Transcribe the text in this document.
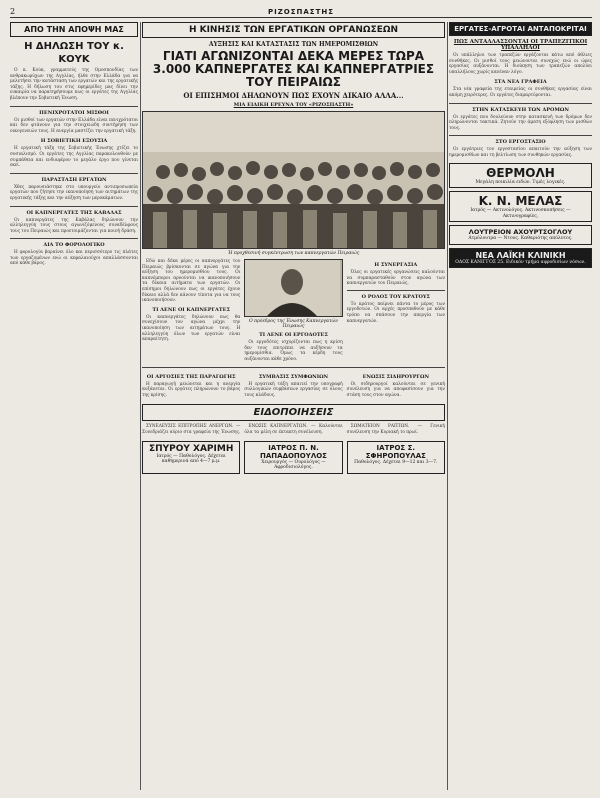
2	ΡΙΖΟΣΠΑΣΤΗΣ
ΑΠΟ ΤΗΝ ΑΠΟΨΗ ΜΑΣ
Η ΔΗΛΩΣΗ ΤΟΥ κ. ΚΟΥΚ

Ο κ. Κούκ, γραμματεύς της Ομοσπονδίας των ανθρακωρύχων της Αγγλίας, ήλθε στην Ελλάδα για να μελετήσει την κατάσταση των εργατών και της εργατικής τάξης. Η δήλωση του στις εφημερίδες μας δίνει την ευκαιρία να παρατηρήσουμε πως οι εργάτες της Αγγλίας βλέπουν την Σοβιετική Ένωση.

ΠΕΝΙΧΡΟΤΑΤΟΙ ΜΙΣΘΟΙ

Οι μισθοί των εργατών στην Ελλάδα είναι πενιχρότατοι και δεν φτάνουν για την στοιχειώδη συντήρηση των οικογενειών τους. Η ανεργία μαστίζει την εργατική τάξη.

Η ΣΟΒΙΕΤΙΚΗ ΕΞΟΥΣΙΑ

Η εργατική τάξη της Σοβιετικής Ένωσης χτίζει το σοσιαλισμό. Οι εργάτες της Αγγλίας παρακολουθούν με συμπάθεια και ενδιαφέρον το μεγάλο έργο που γίνεται εκεί.

ΠΑΡΑΣΤΑΣΗ ΕΡΓΑΤΩΝ

Χθες παρουσιάστηκε στο υπουργείο αντιπροσωπεία εργατών που ζήτησε την ικανοποίηση των αιτημάτων της εργατικής τάξης και την αύξηση των μεροκάματων.

ΟΙ ΚΑΠΝΕΡΓΑΤΕΣ ΤΗΣ ΚΑΒΑΛΑΣ

Οι καπνεργάτες της Καβάλας δηλώνουν την αλληλεγγύη τους στους αγωνιζόμενους συναδέλφους τους του Πειραιώς και προετοιμάζονται για κοινή δράση.

ΔΙΑ ΤΟ ΦΟΡΟΛΟΓΙΚΟ

Η φορολογία βαραίνει όλο και περισσότερο τις πλάτες των εργαζομένων ενώ οι κεφαλαιούχοι απαλλάσσονται από κάθε βάρος.

Η ΚΙΝΗΣΙΣ ΤΩΝ ΕΡΓΑΤΙΚΩΝ ΟΡΓΑΝΩΣΕΩΝ
ΑΥΞΗΣΙΣ ΚΑΙ ΚΑΤΑΣΤΑΣΙΣ ΤΩΝ ΗΜΕΡΟΜΙΣΘΙΩΝ
ΓΙΑΤΙ ΑΓΩΝΙΖΟΝΤΑΙ ΔΕΚΑ ΜΕΡΕΣ ΤΩΡΑ 3.000 ΚΑΠΝΕΡΓΑΤΕΣ ΚΑΙ ΚΑΠΝΕΡΓΑΤΡΙΕΣ ΤΟΥ ΠΕΙΡΑΙΩΣ
ΟΙ ΕΠΙΣΗΜΟΙ ΔΗΛΩΝΟΥΝ ΠΩΣ ΕΧΟΥΝ ΔΙΚΑΙΟ ΑΛΛΑ...
ΜΙΑ ΕΙΔΙΚΗ ΕΡΕΥΝΑ ΤΟΥ «ΡΙΖΟΣΠΑΣΤΗ»
Ή προχθεσινή συγκέντρωση των καπνεργατών Πειραιώς

Εδώ και δέκα μέρες οι καπνεργάτες του Πειραιώς βρίσκονται σε αγώνα για την αύξηση του ημερομισθίου τους. Οι καπνέμποροι αρνούνται να ικανοποιήσουν τα δίκαια αιτήματα των εργατών. Οι επίσημοι δηλώνουν πως οι εργάτες έχουν δίκαιο αλλά δεν κάνουν τίποτα για να τους ικανοποιήσουν.

ΤΙ ΛΕΝΕ ΟΙ ΚΑΠΝΕΡΓΑΤΕΣ

Οι καπνεργάτες δηλώνουν πως θα συνεχίσουν τον αγώνα μέχρι την ικανοποίηση των αιτημάτων τους. Η αλληλεγγύη όλων των εργατών είναι απαραίτητη.

Ο πρόεδρος της Ένωσης Καπνεργατών Πειραιώς
ΤΙ ΛΕΝΕ ΟΙ ΕΡΓΟΔΟΤΕΣ

Οι εργοδότες ισχυρίζονται πως η κρίση δεν τους επιτρέπει να αυξήσουν τα ημερομίσθια. Όμως τα κέρδη τους αυξάνονται κάθε χρόνο.

Η ΣΥΝΕΡΓΑΣΙΑ

Όλες οι εργατικές οργανώσεις καλούνται να συμπαρασταθούν στον αγώνα των καπνεργατών του Πειραιώς.

Ο ΡΟΛΟΣ ΤΟΥ ΚΡΑΤΟΥΣ

Το κράτος παίρνει πάντα το μέρος των εργοδοτών. Οι αρχές προσπαθούν με κάθε τρόπο να σπάσουν την απεργία των καπνεργατών.

ΟΙ ΑΡΓΟΣΙΕΣ ΤΗΣ ΠΑΡΑΓΩΓΗΣ

Η παραγωγή μειώνεται και η ανεργία αυξάνεται. Οι εργάτες πληρώνουν το βάρος της κρίσης.

ΣΥΜΒΑΣΙΣ ΣΥΜΦΩΝΙΩΝ

Η εργατική τάξη απαιτεί την υπογραφή συλλογικών συμβάσεων εργασίας σε όλους τους κλάδους.

ΕΝΩΣΙΣ ΣΙΔΗΡΟΥΡΓΩΝ

Οι σιδηρουργοί καλούνται σε γενική συνέλευση για να αποφασίσουν για την στάση τους στον αγώνα.

ΕΙΔΟΠΟΙΗΣΕΙΣ

ΣΥΝΕΛΕΥΣΙΣ ΕΠΙΤΡΟΠΗΣ ΑΝΕΡΓΩΝ. — Συνεδριάζει αύριο στα γραφεία της Ένωσης.

ΕΝΩΣΙΣ ΚΑΠΝΕΡΓΑΤΩΝ. — Καλούνται όλα τα μέλη σε έκτακτη συνέλευση.

ΣΩΜΑΤΕΙΟΝ ΡΑΠΤΩΝ. — Γενική συνέλευση την Κυριακή το πρωί.

ΣΠΥΡΟΥ ΧΑΡΙΜΗ
Ιατρός — Παθολόγος. Δέχεται καθημερινά από 4—7 μ.μ.
ΙΑΤΡΟΣ Π. Ν. ΠΑΠΑΔΟΠΟΥΛΟΣ
Χειρουργός — Ουρολόγος — Αφροδισιολόγος.
ΙΑΤΡΟΣ Σ. ΣΦΗΡΟΠΟΥΛΑΣ
Παθολόγος. Δέχεται 9—12 και 3—7.
ΕΡΓΑΤΕΣ-ΑΓΡΟΤΑΙ ΑΝΤΑΠΟΚΡΙΤΑΙ
ΠΩΣ ΑΝΤΑΛΛΑΣΣΟΝΤΑΙ ΟΙ ΤΡΑΠΕΖΙΤΙΚΟΙ ΥΠΑΛΛΗΛΟΙ

Οι υπάλληλοι των τραπεζών εργάζονται κάτω από άθλιες συνθήκες. Οι μισθοί τους μειώνονται συνεχώς ενώ οι ώρες εργασίας αυξάνονται. Η διοίκηση των τραπεζών απολύει υπαλλήλους χωρίς κανέναν λόγο.

ΣΤΑ ΝΕΑ ΓΡΑΦΕΙΑ

Στα νέα γραφεία της εταιρείας οι συνθήκες εργασίας είναι ακόμη χειρότερες. Οι εργάτες διαμαρτύρονται.

ΣΤΗΝ ΚΑΤΑΣΚΕΥΗ ΤΩΝ ΔΡΟΜΩΝ

Οι εργάτες που δουλεύουν στην κατασκευή των δρόμων δεν πληρώνονται τακτικά. Ζητούν την άμεση εξόφληση των μισθών τους.

ΣΤΟ ΕΡΓΟΣΤΑΣΙΟ

Οι εργάτριες του εργοστασίου απαιτούν την αύξηση των ημερομισθίων και τη βελτίωση των συνθηκών εργασίας.

ΘΕΡΜΟΛΗ
Μεγάλη ποικιλία ειδών. Τιμές λογικές.
Κ. Ν. ΜΕΛΑΣ
Ιατρός — Ακτινολόγος. Ακτινοσκοπήσεις — Ακτινογραφίες.
ΛΟΥΤΡΕΙΟΝ ΑΧΟΥΡΤΣΟΓΛΟΥ
Ατμόλουτρα — Ντους. Καθαριότης απόλυτος.
ΝΕΑ ΛΑΪΚΗ ΚΛΙΝΙΚΗ
ΟΔΟΣ ΚΑΝΙΓΓΟΣ 25. Ειδικόν τμήμα αφροδισίων νόσων.
